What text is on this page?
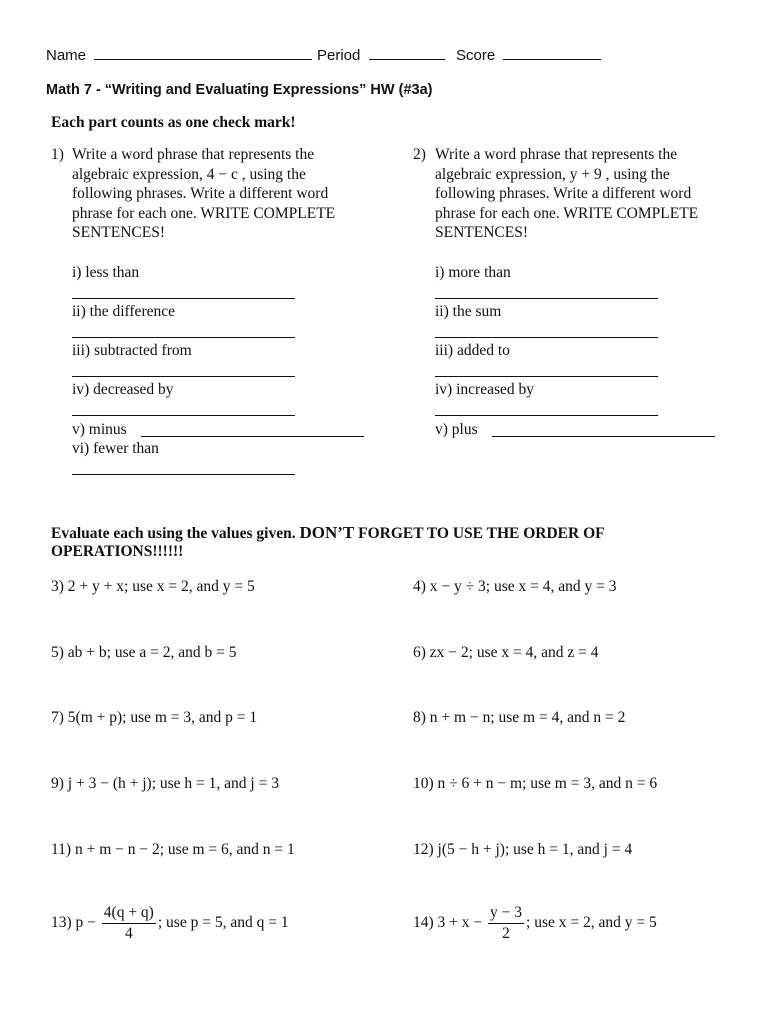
Name	Period	Score
Math 7 - “Writing and Evaluating Expressions” HW (#3a)
Each part counts as one check mark!
1) Write a word phrase that represents the
algebraic expression, 4 − c , using the
following phrases. Write a different word
phrase for each one. WRITE COMPLETE
SENTENCES!
i) less than
ii) the difference
iii) subtracted from
iv) decreased by
v) minus
vi) fewer than
2) Write a word phrase that represents the
algebraic expression, y + 9 , using the
following phrases. Write a different word
phrase for each one. WRITE COMPLETE
SENTENCES!
i) more than
ii) the sum
iii) added to
iv) increased by
v) plus
Evaluate each using the values given. DON’T FORGET TO USE THE ORDER OF
OPERATIONS!!!!!!
3) 2 + y + x; use x = 2, and y = 5	4) x − y ÷ 3; use x = 4, and y = 3
5) ab + b; use a = 2, and b = 5	6) zx − 2; use x = 4, and z = 4
7) 5(m + p); use m = 3, and p = 1	8) n + m − n; use m = 4, and n = 2
9) j + 3 − (h + j); use h = 1, and j = 3	10) n ÷ 6 + n − m; use m = 3, and n = 6
11) n + m − n − 2; use m = 6, and n = 1	12) j(5 − h + j); use h = 1, and j = 4
13) $p - \frac{4(q + q)}{4}$ ; use p = 5, and q = 1	14) $3 + x - \frac{y - 3}{2}$ ; use x = 2, and y = 5
